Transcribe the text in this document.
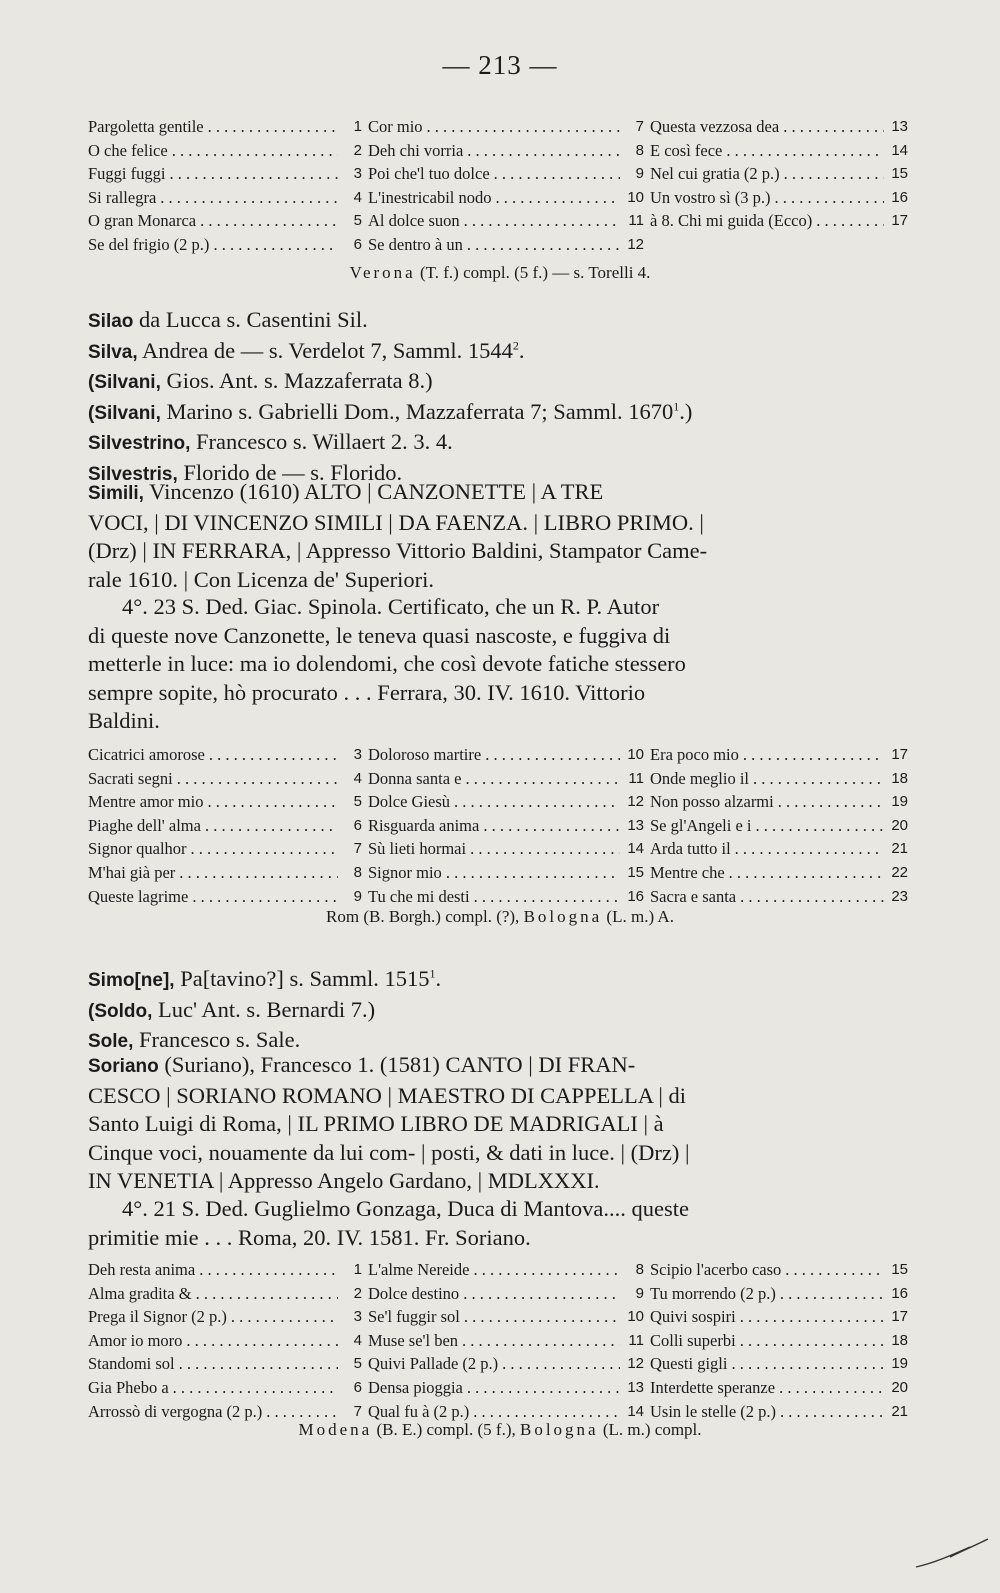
— 213 —
Pargoletta gentile . . .	1 Cor mio . . .	7 Questa vezzosa dea . . .	13
O che felice . . .	2 Deh chi vorria . . .	8 E così fece . . .	14
Fuggi fuggi . . .	3 Poi che'l tuo dolce . . .	9 Nel cui gratia (2 p.) . . .	15
Si rallegra . . .	4 L'inestricabil nodo . . .	10 Un vostro sì (3 p.) . . .	16
O gran Monarca . . .	5 Al dolce suon . . .	11 à 8. Chi mi guida (Ecco) . . .	17
Se del frigio (2 p.) . . .	6 Se dentro à un . . .	12
Verona (T. f.) compl. (5 f.) — s. Torelli 4.
Silao da Lucca s. Casentini Sil.
Silva, Andrea de — s. Verdelot 7, Samml. 1544$^2$.
(Silvani, Gios. Ant. s. Mazzaferrata 8.)
(Silvani, Marino s. Gabrielli Dom., Mazzaferrata 7; Samml. 1670$^1$.)
Silvestrino, Francesco s. Willaert 2. 3. 4.
Silvestris, Florido de — s. Florido.
Simili, Vincenzo (1610) ALTO | CANZONETTE | A TRE
VOCI, | DI VINCENZO SIMILI | DA FAENZA. | LIBRO PRIMO. |
(Drz) | IN FERRARA, | Appresso Vittorio Baldini, Stampator Came-
rale 1610. | Con Licenza de' Superiori.
4°. 23 S. Ded. Giac. Spinola. Certificato, che un R. P. Autor
di queste nove Canzonette, le teneva quasi nascoste, e fuggiva di
metterle in luce: ma io dolendomi, che così devote fatiche stessero
sempre sopite, hò procurato . . . Ferrara, 30. IV. 1610. Vittorio
Baldini.
Cicatrici amorose . . .	3 Doloroso martire . . .	10 Era poco mio . . .	17
Sacrati segni . . .	4 Donna santa e . . .	11 Onde meglio il . . .	18
Mentre amor mio . . .	5 Dolce Giesù . . .	12 Non posso alzarmi . . .	19
Piaghe dell' alma . . .	6 Risguarda anima . . .	13 Se gl'Angeli e i . . .	20
Signor qualhor . . .	7 Sù lieti hormai . . .	14 Arda tutto il . . .	21
M'hai già per . . .	8 Signor mio . . .	15 Mentre che . . .	22
Queste lagrime . . .	9 Tu che mi desti . . .	16 Sacra e santa . . .	23
Rom (B. Borgh.) compl. (?), Bologna (L. m.) A.
Simo[ne], Pa[tavino?] s. Samml. 1515$^1$.
(Soldo, Luc' Ant. s. Bernardi 7.)
Sole, Francesco s. Sale.
Soriano (Suriano), Francesco 1. (1581) CANTO | DI FRAN-
CESCO | SORIANO ROMANO | MAESTRO DI CAPPELLA | di
Santo Luigi di Roma, | IL PRIMO LIBRO DE MADRIGALI | à
Cinque voci, nouamente da lui com- | posti, & dati in luce. | (Drz) |
IN VENETIA | Appresso Angelo Gardano, | MDLXXXI.
4°. 21 S. Ded. Guglielmo Gonzaga, Duca di Mantova.... queste
primitie mie . . . Roma, 20. IV. 1581. Fr. Soriano.
Deh resta anima . . .	1 L'alme Nereide . . .	8 Scipio l'acerbo caso . . .	15
Alma gradita & . . .	2 Dolce destino . . .	9 Tu morrendo (2 p.) . . .	16
Prega il Signor (2 p.) . . .	3 Se'l fuggir sol . . .	10 Quivi sospiri . . .	17
Amor io moro . . .	4 Muse se'l ben . . .	11 Colli superbi . . .	18
Standomi sol . . .	5 Quivi Pallade (2 p.) . . .	12 Questi gigli . . .	19
Gia Phebo a . . .	6 Densa pioggia . . .	13 Interdette speranze . . .	20
Arrossò di vergogna (2 p.) . . .	7 Qual fu à (2 p.) . . .	14 Usin le stelle (2 p.) . . .	21
Modena (B. E.) compl. (5 f.), Bologna (L. m.) compl.
